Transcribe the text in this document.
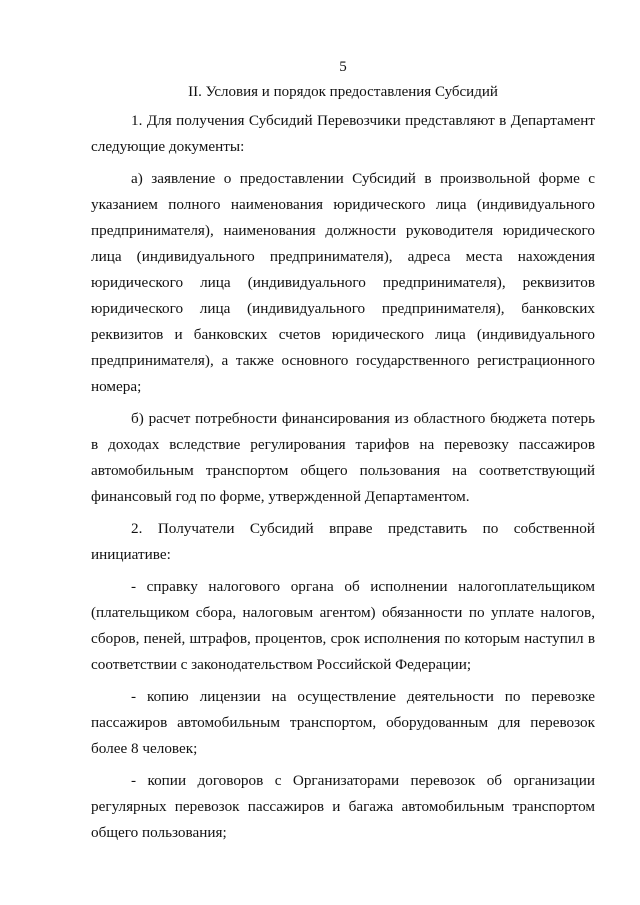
5
II. Условия и порядок предоставления Субсидий

1. Для получения Субсидий Перевозчики представляют в Департамент следующие документы:

а) заявление о предоставлении Субсидий в произвольной форме с указанием полного наименования юридического лица (индивидуального предпринимателя), наименования должности руководителя юридического лица (индивидуального предпринимателя), адреса места нахождения юридического лица (индивидуального предпринимателя), реквизитов юридического лица (индивидуального предпринимателя), банковских реквизитов и банковских счетов юридического лица (индивидуального предпринимателя), а также основного государственного регистрационного номера;

б) расчет потребности финансирования из областного бюджета потерь в доходах вследствие регулирования тарифов на перевозку пассажиров автомобильным транспортом общего пользования на соответствующий финансовый год по форме, утвержденной Департаментом.

2. Получатели Субсидий вправе представить по собственной инициативе:

- справку налогового органа об исполнении налогоплательщиком (плательщиком сбора, налоговым агентом) обязанности по уплате налогов, сборов, пеней, штрафов, процентов, срок исполнения по которым наступил в соответствии с законодательством Российской Федерации;

- копию лицензии на осуществление деятельности по перевозке пассажиров автомобильным транспортом, оборудованным для перевозок более 8 человек;

- копии договоров с Организаторами перевозок об организации регулярных перевозок пассажиров и багажа автомобильным транспортом общего пользования;
